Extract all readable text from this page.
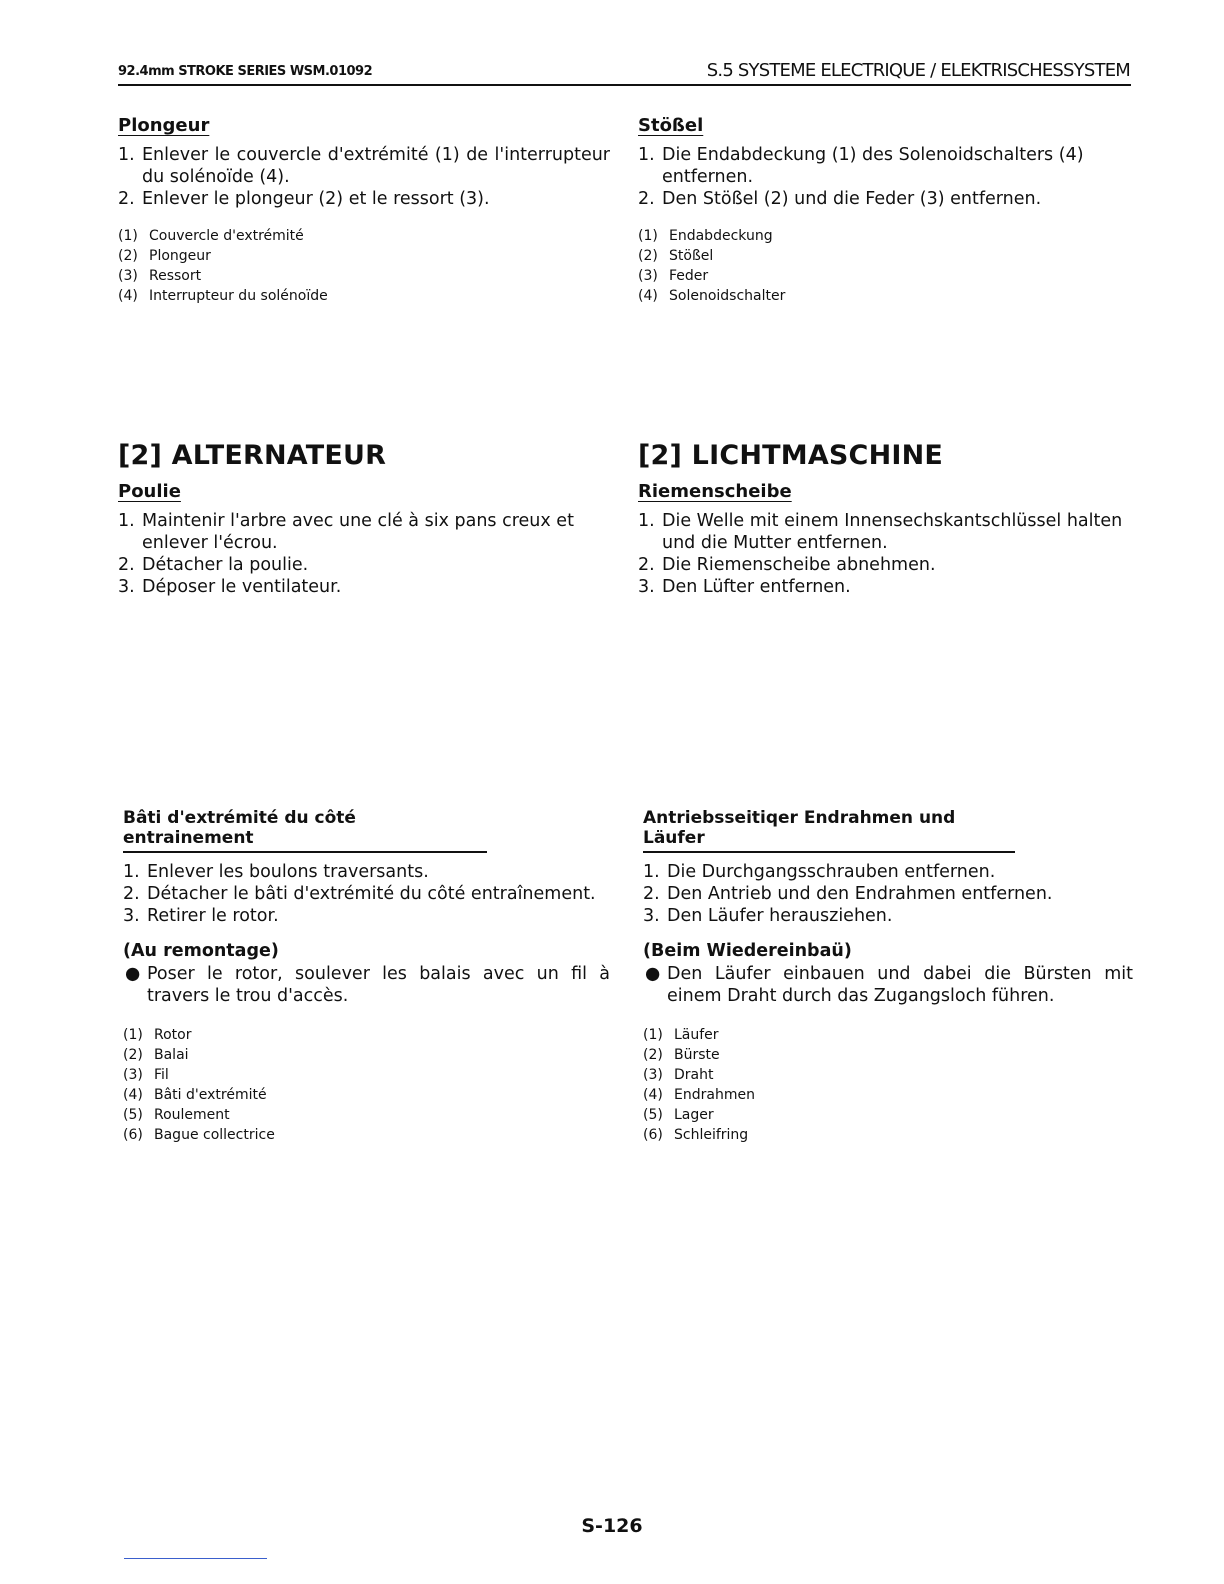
92.4mm STROKE SERIES WSM.01092	S.5 SYSTEME ELECTRIQUE / ELEKTRISCHESSYSTEM
Plongeur
1. Enlever le couvercle d'extrémité (1) de l'interrupteur du solénoïde (4).
2. Enlever le plongeur (2) et le ressort (3).
(1) Couvercle d'extrémité
(2) Plongeur
(3) Ressort
(4) Interrupteur du solénoïde
Stößel
1. Die Endabdeckung (1) des Solenoidschalters (4) entfernen.
2. Den Stößel (2) und die Feder (3) entfernen.
(1) Endabdeckung
(2) Stößel
(3) Feder
(4) Solenoidschalter
[2] ALTERNATEUR
Poulie
1. Maintenir l'arbre avec une clé à six pans creux et enlever l'écrou.
2. Détacher la poulie.
3. Déposer le ventilateur.
[2] LICHTMASCHINE
Riemenscheibe
1. Die Welle mit einem Innensechskantschlüssel halten und die Mutter entfernen.
2. Die Riemenscheibe abnehmen.
3. Den Lüfter entfernen.
Bâti d'extrémité du côté entrainement
1. Enlever les boulons traversants.
2. Détacher le bâti d'extrémité du côté entraînement.
3. Retirer le rotor.
(Au remontage)
● Poser le rotor, soulever les balais avec un fil à travers le trou d'accès.
(1) Rotor
(2) Balai
(3) Fil
(4) Bâti d'extrémité
(5) Roulement
(6) Bague collectrice
Antriebsseitiqer Endrahmen und Läufer
1. Die Durchgangsschrauben entfernen.
2. Den Antrieb und den Endrahmen entfernen.
3. Den Läufer herausziehen.
(Beim Wiedereinbaü)
● Den Läufer einbauen und dabei die Bürsten mit einem Draht durch das Zugangsloch führen.
(1) Läufer
(2) Bürste
(3) Draht
(4) Endrahmen
(5) Lager
(6) Schleifring
S-126
